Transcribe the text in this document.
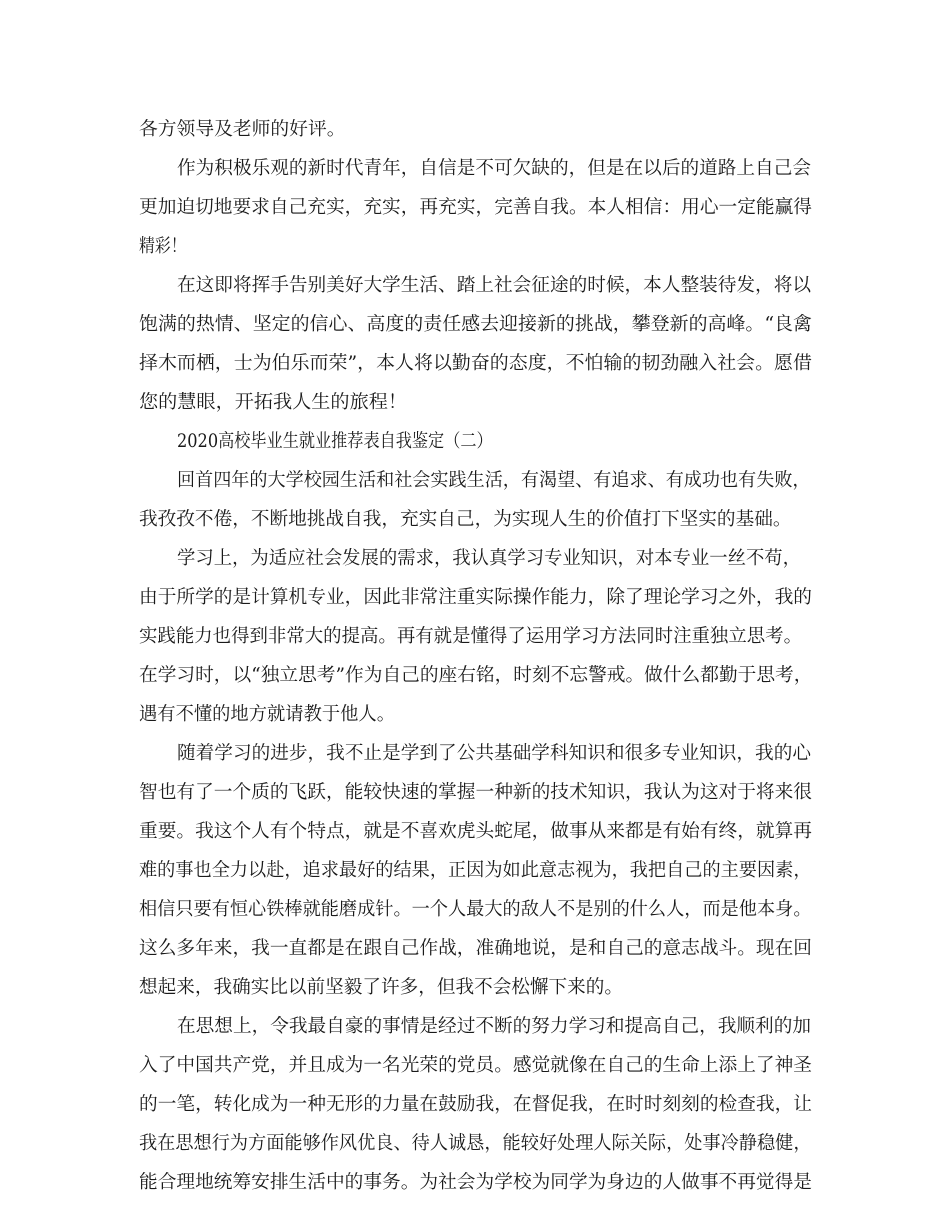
各方领导及老师的好评。

作为积极乐观的新时代青年，自信是不可欠缺的，但是在以后的道路上自己会

更加迫切地要求自己充实，充实，再充实，完善自我。本人相信：用心一定能赢得

精彩！

在这即将挥手告别美好大学生活、踏上社会征途的时候，本人整装待发，将以

饱满的热情、坚定的信心、高度的责任感去迎接新的挑战，攀登新的高峰。“良禽

择木而栖，士为伯乐而荣”，本人将以勤奋的态度，不怕输的韧劲融入社会。愿借

您的慧眼，开拓我人生的旅程！

2020高校毕业生就业推荐表自我鉴定（二）

回首四年的大学校园生活和社会实践生活，有渴望、有追求、有成功也有失败，

我孜孜不倦，不断地挑战自我，充实自己，为实现人生的价值打下坚实的基础。

学习上，为适应社会发展的需求，我认真学习专业知识，对本专业一丝不苟，

由于所学的是计算机专业，因此非常注重实际操作能力，除了理论学习之外，我的

实践能力也得到非常大的提高。再有就是懂得了运用学习方法同时注重独立思考。

在学习时，以“独立思考”作为自己的座右铭，时刻不忘警戒。做什么都勤于思考，

遇有不懂的地方就请教于他人。

随着学习的进步，我不止是学到了公共基础学科知识和很多专业知识，我的心

智也有了一个质的飞跃，能较快速的掌握一种新的技术知识，我认为这对于将来很

重要。我这个人有个特点，就是不喜欢虎头蛇尾，做事从来都是有始有终，就算再

难的事也全力以赴，追求最好的结果，正因为如此意志视为，我把自己的主要因素，

相信只要有恒心铁棒就能磨成针。一个人最大的敌人不是别的什么人，而是他本身。

这么多年来，我一直都是在跟自己作战，准确地说，是和自己的意志战斗。现在回

想起来，我确实比以前坚毅了许多，但我不会松懈下来的。

在思想上，令我最自豪的事情是经过不断的努力学习和提高自己，我顺利的加

入了中国共产党，并且成为一名光荣的党员。感觉就像在自己的生命上添上了神圣

的一笔，转化成为一种无形的力量在鼓励我，在督促我，在时时刻刻的检查我，让

我在思想行为方面能够作风优良、待人诚恳，能较好处理人际关际，处事冷静稳健，

能合理地统筹安排生活中的事务。为社会为学校为同学为身边的人做事不再觉得是
